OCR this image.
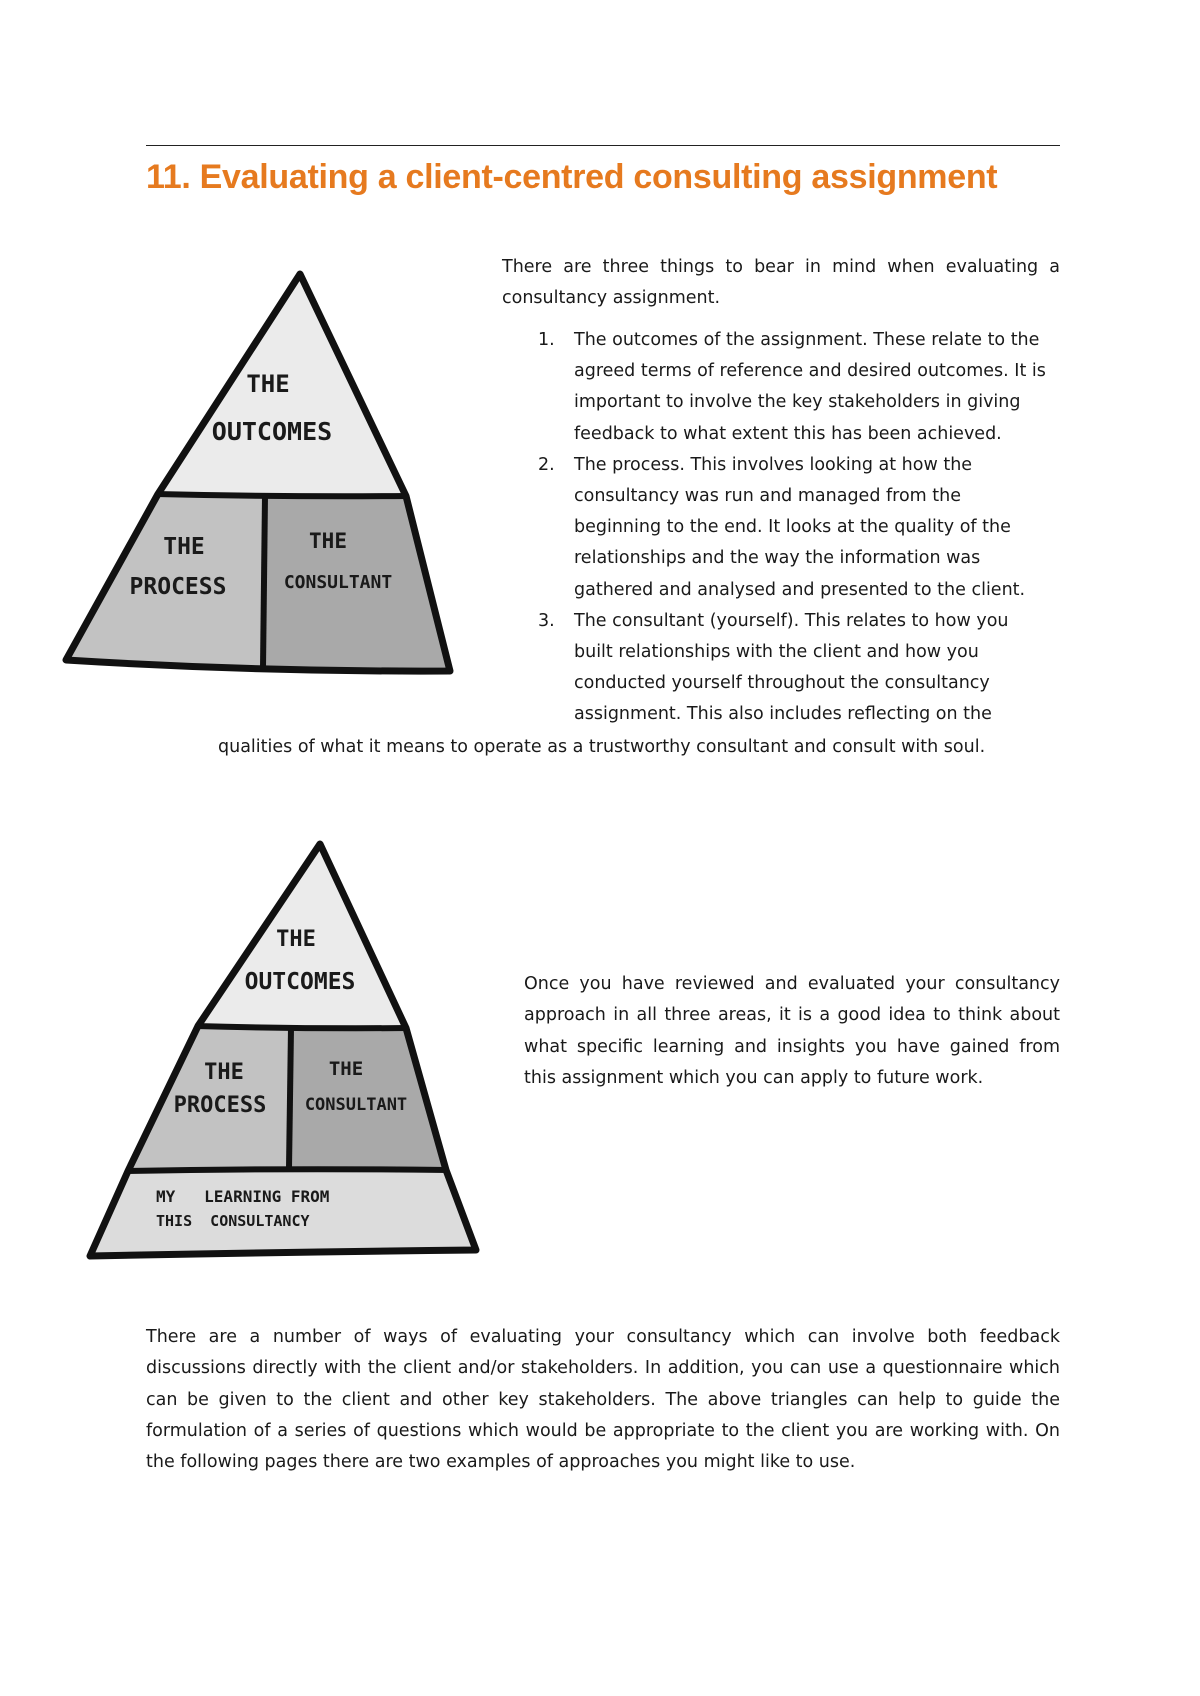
11. Evaluating a client-centred consulting assignment
THE
OUTCOMES
THE
PROCESS
THE
CONSULTANT

There are three things to bear in mind when evaluating a consultancy assignment.

1. The outcomes of the assignment. These relate to the agreed terms of reference and desired outcomes. It is important to involve the key stakeholders in giving feedback to what extent this has been achieved.
2. The process. This involves looking at how the consultancy was run and managed from the beginning to the end. It looks at the quality of the relationships and the way the information was gathered and analysed and presented to the client.
3. The consultant (yourself). This relates to how you built relationships with the client and how you conducted yourself throughout the consultancy assignment. This also includes reflecting on the

qualities of what it means to operate as a trustworthy consultant and consult with soul.

THE
OUTCOMES
THE
PROCESS
THE
CONSULTANT
MY   LEARNING FROM
THIS  CONSULTANCY

Once you have reviewed and evaluated your consultancy approach in all three areas, it is a good idea to think about what specific learning and insights you have gained from this assignment which you can apply to future work.

There are a number of ways of evaluating your consultancy which can involve both feedback discussions directly with the client and/or stakeholders. In addition, you can use a questionnaire which can be given to the client and other key stakeholders. The above triangles can help to guide the formulation of a series of questions which would be appropriate to the client you are working with. On the following pages there are two examples of approaches you might like to use.
